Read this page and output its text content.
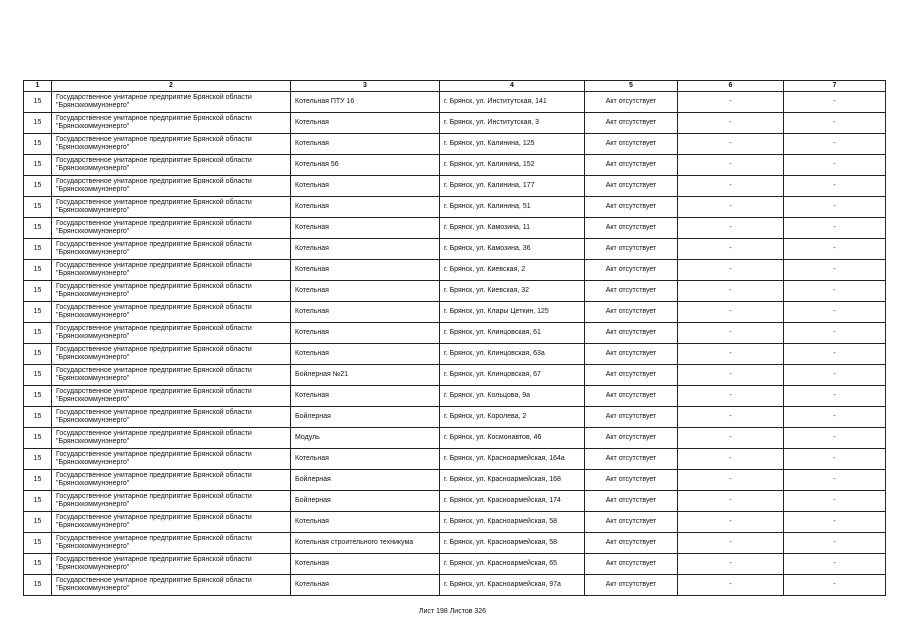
1	2	3	4	5	6	7
15	Государственное унитарное предприятие Брянской области
"Брянсккоммунэнерго"	Котельная ПТУ 16	г. Брянск, ул. Институтская, 141	Акт отсутствует	-	-
15	Государственное унитарное предприятие Брянской области
"Брянсккоммунэнерго"	Котельная	г. Брянск, ул. Институтская, 3	Акт отсутствует	-	-
15	Государственное унитарное предприятие Брянской области
"Брянсккоммунэнерго"	Котельная	г. Брянск, ул. Калинина, 125	Акт отсутствует	-	-
15	Государственное унитарное предприятие Брянской области
"Брянсккоммунэнерго"	Котельная 56	г. Брянск, ул. Калинина, 152	Акт отсутствует	-	-
15	Государственное унитарное предприятие Брянской области
"Брянсккоммунэнерго"	Котельная	г. Брянск, ул. Калинина, 177	Акт отсутствует	-	-
15	Государственное унитарное предприятие Брянской области
"Брянсккоммунэнерго"	Котельная	г. Брянск, ул. Калинина, 51	Акт отсутствует	-	-
15	Государственное унитарное предприятие Брянской области
"Брянсккоммунэнерго"	Котельная	г. Брянск, ул. Камозина, 11	Акт отсутствует	-	-
15	Государственное унитарное предприятие Брянской области
"Брянсккоммунэнерго"	Котельная	г. Брянск, ул. Камозина, 36	Акт отсутствует	-	-
15	Государственное унитарное предприятие Брянской области
"Брянсккоммунэнерго"	Котельная	г. Брянск, ул. Киевская, 2	Акт отсутствует	-	-
15	Государственное унитарное предприятие Брянской области
"Брянсккоммунэнерго"	Котельная	г. Брянск, ул. Киевская, 32	Акт отсутствует	-	-
15	Государственное унитарное предприятие Брянской области
"Брянсккоммунэнерго"	Котельная	г. Брянск, ул. Клары Цеткин, 125	Акт отсутствует	-	-
15	Государственное унитарное предприятие Брянской области
"Брянсккоммунэнерго"	Котельная	г. Брянск, ул. Клинцовская, 61	Акт отсутствует	-	-
15	Государственное унитарное предприятие Брянской области
"Брянсккоммунэнерго"	Котельная	г. Брянск, ул. Клинцовская, 63а	Акт отсутствует	-	-
15	Государственное унитарное предприятие Брянской области
"Брянсккоммунэнерго"	Бойлерная №21	г. Брянск, ул. Клинцовская, 67	Акт отсутствует	-	-
15	Государственное унитарное предприятие Брянской области
"Брянсккоммунэнерго"	Котельная	г. Брянск, ул. Кольцова, 9а	Акт отсутствует	-	-
15	Государственное унитарное предприятие Брянской области
"Брянсккоммунэнерго"	Бойлерная	г. Брянск, ул. Королева, 2	Акт отсутствует	-	-
15	Государственное унитарное предприятие Брянской области
"Брянсккоммунэнерго"	Модуль	г. Брянск, ул. Космонавтов, 46	Акт отсутствует	-	-
15	Государственное унитарное предприятие Брянской области
"Брянсккоммунэнерго"	Котельная	г. Брянск, ул. Красноармейская, 164а	Акт отсутствует	-	-
15	Государственное унитарное предприятие Брянской области
"Брянсккоммунэнерго"	Бойлерная	г. Брянск, ул. Красноармейская, 168	Акт отсутствует	-	-
15	Государственное унитарное предприятие Брянской области
"Брянсккоммунэнерго"	Бойлерная	г. Брянск, ул. Красноармейская, 174	Акт отсутствует	-	-
15	Государственное унитарное предприятие Брянской области
"Брянсккоммунэнерго"	Котельная	г. Брянск, ул. Красноармейская, 58	Акт отсутствует	-	-
15	Государственное унитарное предприятие Брянской области
"Брянсккоммунэнерго"	Котельная строительного техникума	г. Брянск, ул. Красноармейская, 58	Акт отсутствует	-	-
15	Государственное унитарное предприятие Брянской области
"Брянсккоммунэнерго"	Котельная	г. Брянск, ул. Красноармейская, 65	Акт отсутствует	-	-
15	Государственное унитарное предприятие Брянской области
"Брянсккоммунэнерго"	Котельная	г. Брянск, ул. Красноармейская, 97а	Акт отсутствует	-	-
Лист 198 Листов 326
